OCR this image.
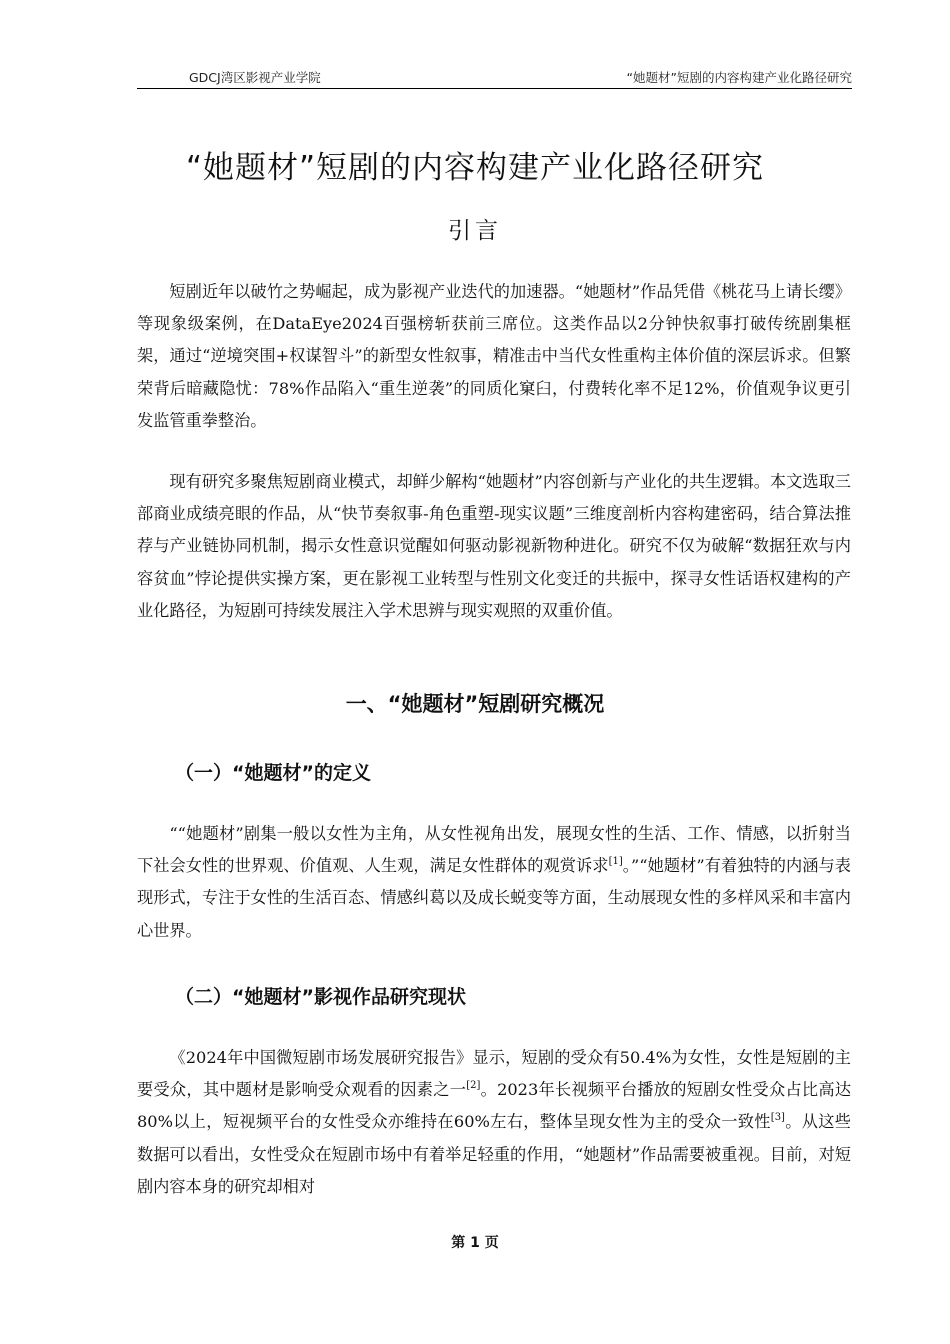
GDCJ湾区影视产业学院	“她题材”短剧的内容构建产业化路径研究
“她题材”短剧的内容构建产业化路径研究
引言

短剧近年以破竹之势崛起，成为影视产业迭代的加速器。“她题材”作品凭借《桃花马上请长缨》等现象级案例，在DataEye2024百强榜斩获前三席位。这类作品以2分钟快叙事打破传统剧集框架，通过“逆境突围+权谋智斗”的新型女性叙事，精准击中当代女性重构主体价值的深层诉求。但繁荣背后暗藏隐忧：78%作品陷入“重生逆袭”的同质化窠臼，付费转化率不足12%，价值观争议更引发监管重拳整治。

现有研究多聚焦短剧商业模式，却鲜少解构“她题材”内容创新与产业化的共生逻辑。本文选取三部商业成绩亮眼的作品，从“快节奏叙事-角色重塑-现实议题”三维度剖析内容构建密码，结合算法推荐与产业链协同机制，揭示女性意识觉醒如何驱动影视新物种进化。研究不仅为破解“数据狂欢与内容贫血”悖论提供实操方案，更在影视工业转型与性别文化变迁的共振中，探寻女性话语权建构的产业化路径，为短剧可持续发展注入学术思辨与现实观照的双重价值。

一、“她题材”短剧研究概况
（一）“她题材”的定义

““她题材”剧集一般以女性为主角，从女性视角出发，展现女性的生活、工作、情感，以折射当下社会女性的世界观、价值观、人生观，满足女性群体的观赏诉求[1]。”“她题材”有着独特的内涵与表现形式，专注于女性的生活百态、情感纠葛以及成长蜕变等方面，生动展现女性的多样风采和丰富内心世界。

（二）“她题材”影视作品研究现状

《2024年中国微短剧市场发展研究报告》显示，短剧的受众有50.4%为女性，女性是短剧的主要受众，其中题材是影响受众观看的因素之一[2]。2023年长视频平台播放的短剧女性受众占比高达80%以上，短视频平台的女性受众亦维持在60%左右，整体呈现女性为主的受众一致性[3]。从这些数据可以看出，女性受众在短剧市场中有着举足轻重的作用，“她题材”作品需要被重视。目前，对短剧内容本身的研究却相对

第 1 页
